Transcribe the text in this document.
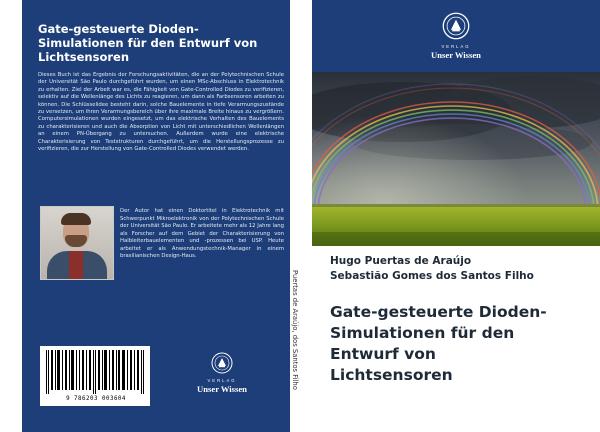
Gate-gesteuerte Dioden-
Simulationen für den Entwurf von
Lichtsensoren
Dieses Buch ist das Ergebnis der Forschungsaktivitäten, die an der Polytechnischen Schule der Universität São Paulo durchgeführt wurden, um einen MSc-Abschluss in Elektrotechnik zu erhalten. Ziel der Arbeit war es, die Fähigkeit von Gate-Controlled Diodes zu verifizieren, selektiv auf die Wellenlänge des Lichts zu reagieren, um dann als Farbsensoren arbeiten zu können. Die Schlüsselidee besteht darin, solche Bauelemente in tiefe Verarmungszustände zu versetzen, um ihren Verarmungsbereich über ihre maximale Breite hinaus zu vergrößern. Computersimulationen wurden eingesetzt, um das elektrische Verhalten des Bauelements zu charakterisieren und auch die Absorption von Licht mit unterschiedlichen Wellenlängen an einem PN-Übergang zu untersuchen. Außerdem wurde eine elektrische Charakterisierung von Teststrukturen durchgeführt, um die Herstellungsprozesse zu verifizieren, die zur Herstellung von Gate-Controlled Diodes verwendet werden.
Der Autor hat einen Doktortitel in Elektrotechnik mit Schwerpunkt Mikroelektronik von der Polytechnischen Schule der Universität São Paulo. Er arbeitete mehr als 12 Jahre lang als Forscher auf dem Gebiet der Charakterisierung von Halbleiterbauelementen und -prozessen bei USP. Heute arbeitet er als Anwendungstechnik-Manager in einem brasilianischen Design-Haus.
9 786203 003604
VERLAG
Unser Wissen	Puertas de Araújo, dos Santos Filho
VERLAG
Unser Wissen
Hugo Puertas de Araújo
Sebastião Gomes dos Santos Filho
Gate-gesteuerte Dioden-
Simulationen für den
Entwurf von
Lichtsensoren
